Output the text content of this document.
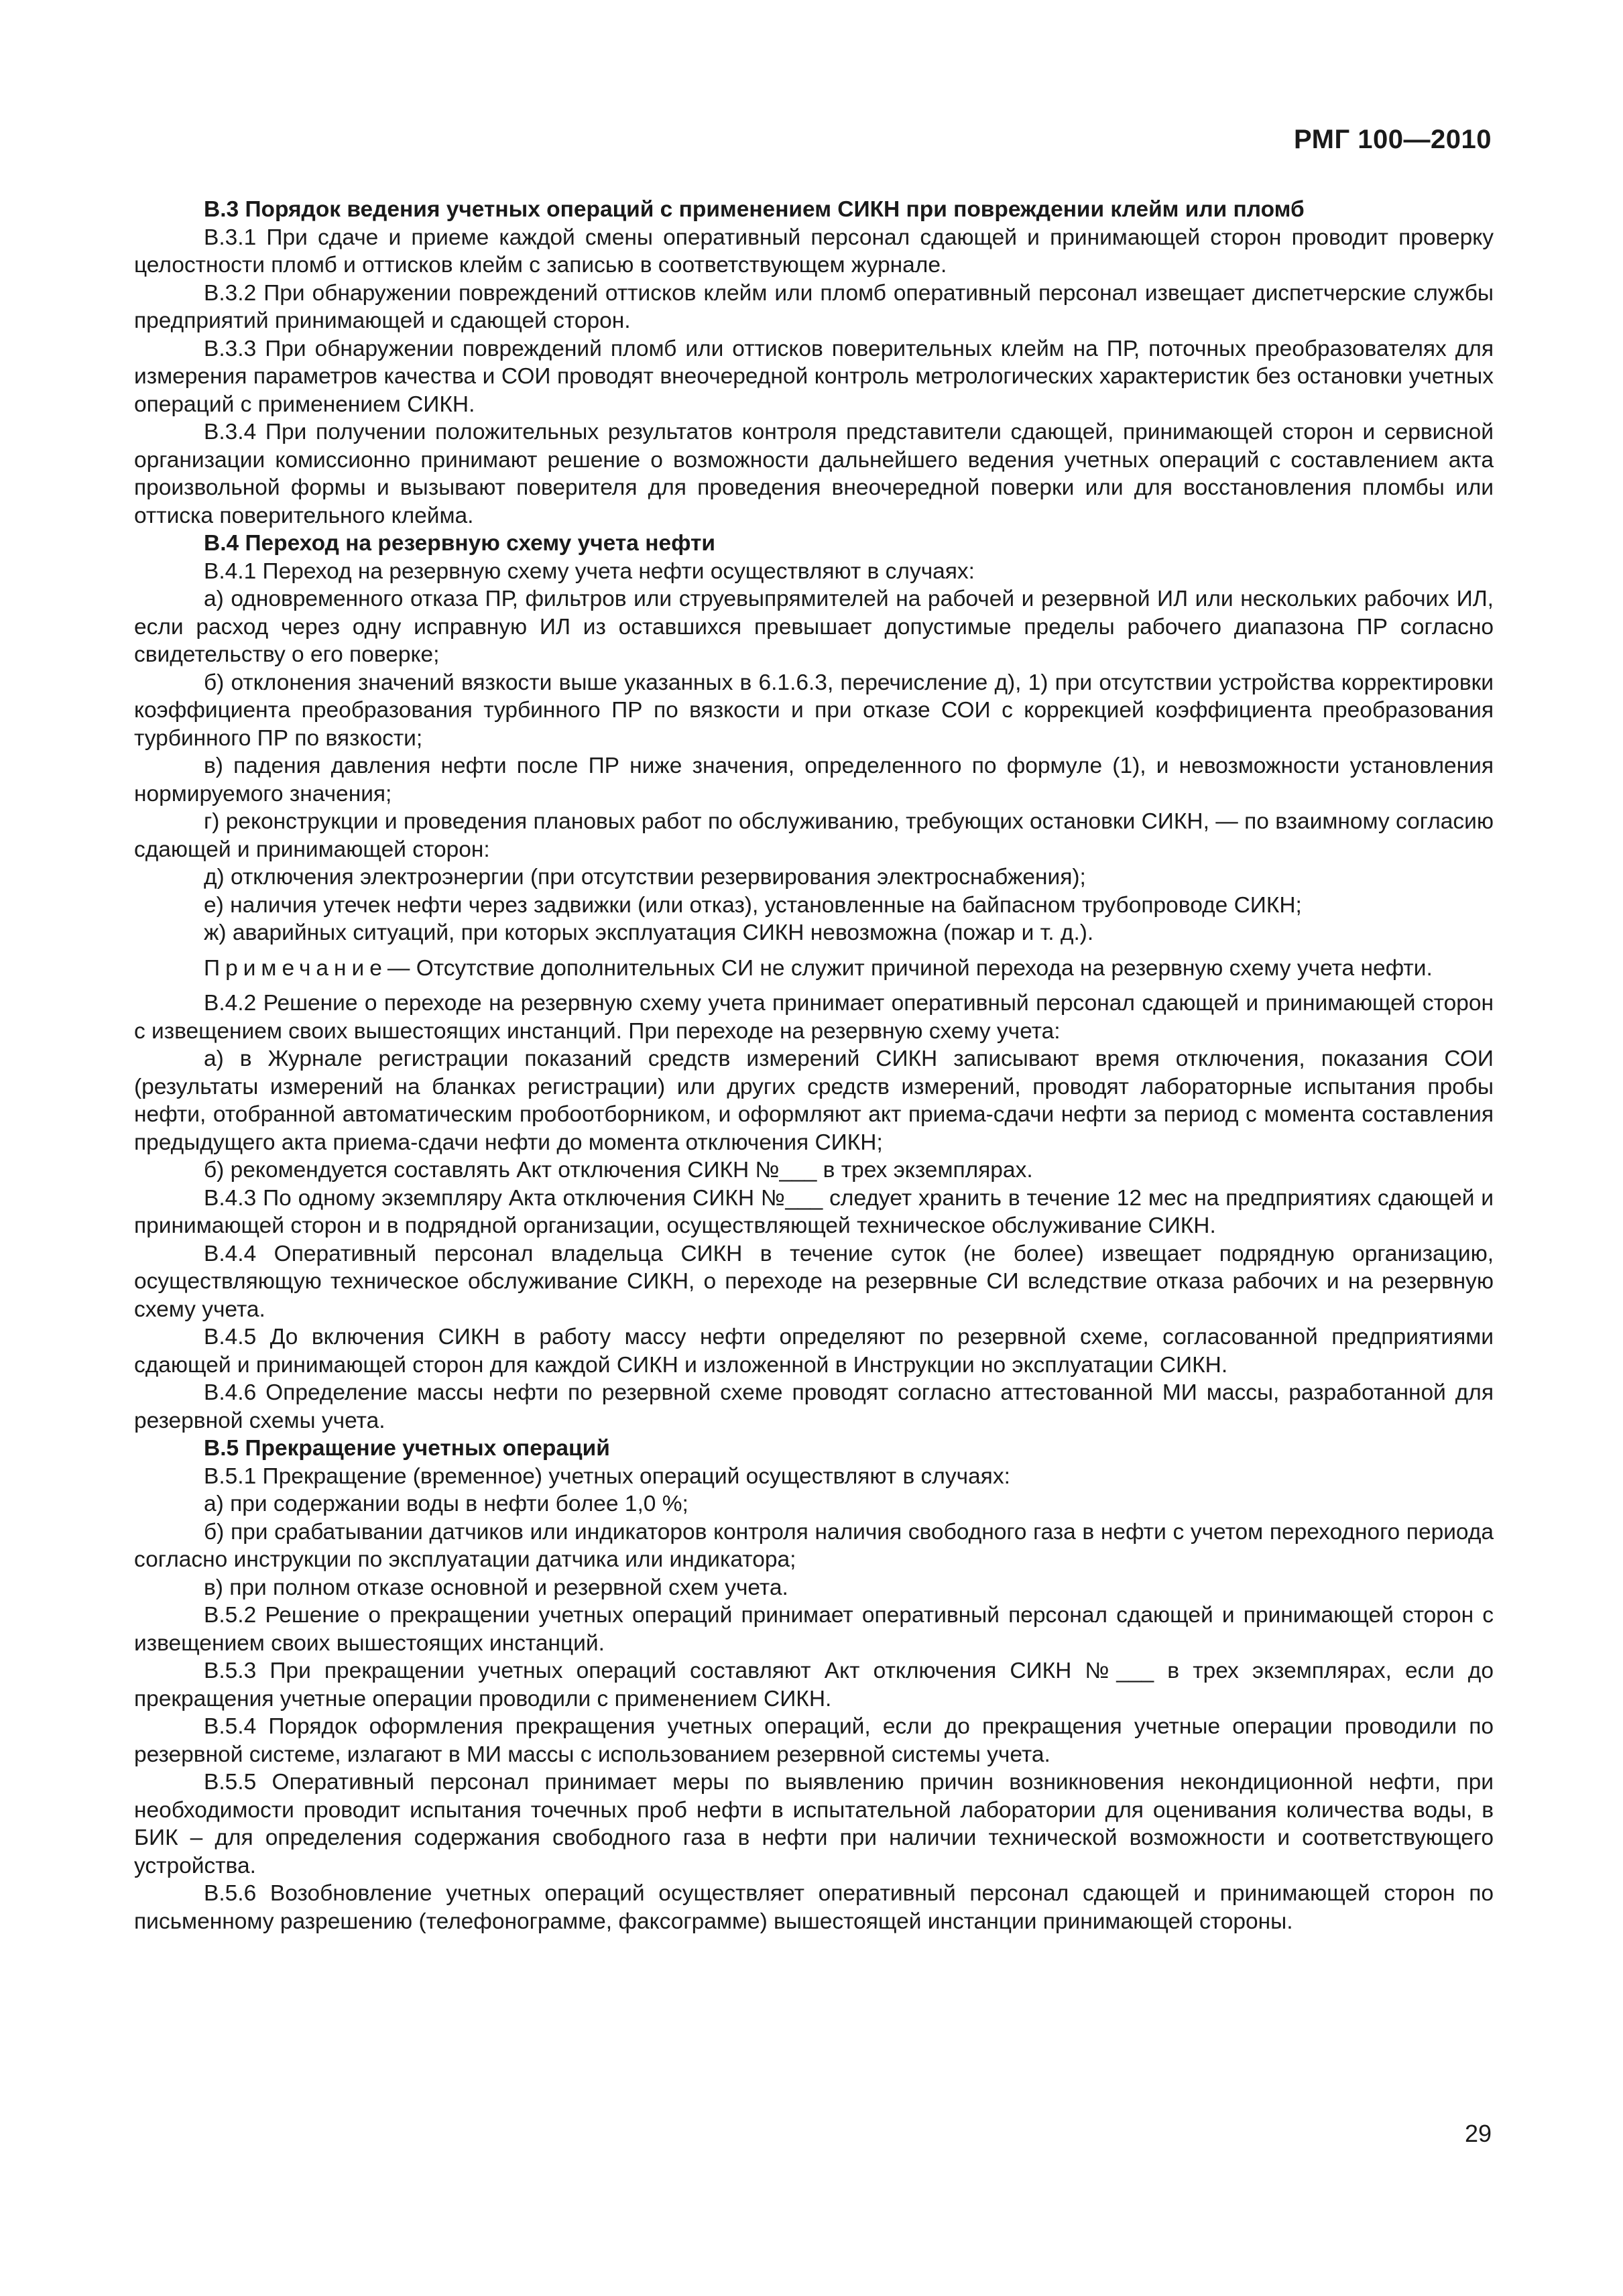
РМГ 100—2010

В.3 Порядок ведения учетных операций с применением СИКН при повреждении клейм или пломб

В.3.1 При сдаче и приеме каждой смены оперативный персонал сдающей и принимающей сторон проводит проверку целостности пломб и оттисков клейм с записью в соответствующем журнале.

В.3.2 При обнаружении повреждений оттисков клейм или пломб оперативный персонал извещает диспетчерские службы предприятий принимающей и сдающей сторон.

В.3.3 При обнаружении повреждений пломб или оттисков поверительных клейм на ПР, поточных преобразователях для измерения параметров качества и СОИ проводят внеочередной контроль метрологических характеристик без остановки учетных операций с применением СИКН.

В.3.4 При получении положительных результатов контроля представители сдающей, принимающей сторон и сервисной организации комиссионно принимают решение о возможности дальнейшего ведения учетных операций с составлением акта произвольной формы и вызывают поверителя для проведения внеочередной поверки или для восстановления пломбы или оттиска поверительного клейма.

В.4 Переход на резервную схему учета нефти

В.4.1 Переход на резервную схему учета нефти осуществляют в случаях:

а) одновременного отказа ПР, фильтров или струевыпрямителей на рабочей и резервной ИЛ или нескольких рабочих ИЛ, если расход через одну исправную ИЛ из оставшихся превышает допустимые пределы рабочего диапазона ПР согласно свидетельству о его поверке;

б) отклонения значений вязкости выше указанных в 6.1.6.3, перечисление д), 1) при отсутствии устройства корректировки коэффициента преобразования турбинного ПР по вязкости и при отказе СОИ с коррекцией коэффициента преобразования турбинного ПР по вязкости;

в) падения давления нефти после ПР ниже значения, определенного по формуле (1), и невозможности установления нормируемого значения;

г) реконструкции и проведения плановых работ по обслуживанию, требующих остановки СИКН, — по взаимному согласию сдающей и принимающей сторон:

д) отключения электроэнергии (при отсутствии резервирования электроснабжения);

е) наличия утечек нефти через задвижки (или отказ), установленные на байпасном трубопроводе СИКН;

ж) аварийных ситуаций, при которых эксплуатация СИКН невозможна (пожар и т. д.).

Примечание— Отсутствие дополнительных СИ не служит причиной перехода на резервную схему учета нефти.

В.4.2 Решение о переходе на резервную схему учета принимает оперативный персонал сдающей и принимающей сторон с извещением своих вышестоящих инстанций. При переходе на резервную схему учета:

а) в Журнале регистрации показаний средств измерений СИКН записывают время отключения, показания СОИ (результаты измерений на бланках регистрации) или других средств измерений, проводят лабораторные испытания пробы нефти, отобранной автоматическим пробоотборником, и оформляют акт приема-сдачи нефти за период с момента составления предыдущего акта приема-сдачи нефти до момента отключения СИКН;

б) рекомендуется составлять Акт отключения СИКН №___ в трех экземплярах.

В.4.3 По одному экземпляру Акта отключения СИКН №___ следует хранить в течение 12 мес на предприятиях сдающей и принимающей сторон и в подрядной организации, осуществляющей техническое обслуживание СИКН.

В.4.4 Оперативный персонал владельца СИКН в течение суток (не более) извещает подрядную организацию, осуществляющую техническое обслуживание СИКН, о переходе на резервные СИ вследствие отказа рабочих и на резервную схему учета.

В.4.5 До включения СИКН в работу массу нефти определяют по резервной схеме, согласованной предприятиями сдающей и принимающей сторон для каждой СИКН и изложенной в Инструкции но эксплуатации СИКН.

В.4.6 Определение массы нефти по резервной схеме проводят согласно аттестованной МИ массы, разработанной для резервной схемы учета.

В.5 Прекращение учетных операций

В.5.1 Прекращение (временное) учетных операций осуществляют в случаях:

а) при содержании воды в нефти более 1,0 %;

б) при срабатывании датчиков или индикаторов контроля наличия свободного газа в нефти с учетом переходного периода согласно инструкции по эксплуатации датчика или индикатора;

в) при полном отказе основной и резервной схем учета.

В.5.2 Решение о прекращении учетных операций принимает оперативный персонал сдающей и принимающей сторон с извещением своих вышестоящих инстанций.

В.5.3 При прекращении учетных операций составляют Акт отключения СИКН №___ в трех экземплярах, если до прекращения учетные операции проводили с применением СИКН.

В.5.4 Порядок оформления прекращения учетных операций, если до прекращения учетные операции проводили по резервной системе, излагают в МИ массы с использованием резервной системы учета.

В.5.5 Оперативный персонал принимает меры по выявлению причин возникновения некондиционной нефти, при необходимости проводит испытания точечных проб нефти в испытательной лаборатории для оценивания количества воды, в БИК – для определения содержания свободного газа в нефти при наличии технической возможности и соответствующего устройства.

В.5.6 Возобновление учетных операций осуществляет оперативный персонал сдающей и принимающей сторон по письменному разрешению (телефонограмме, факсограмме) вышестоящей инстанции принимающей стороны.

29
